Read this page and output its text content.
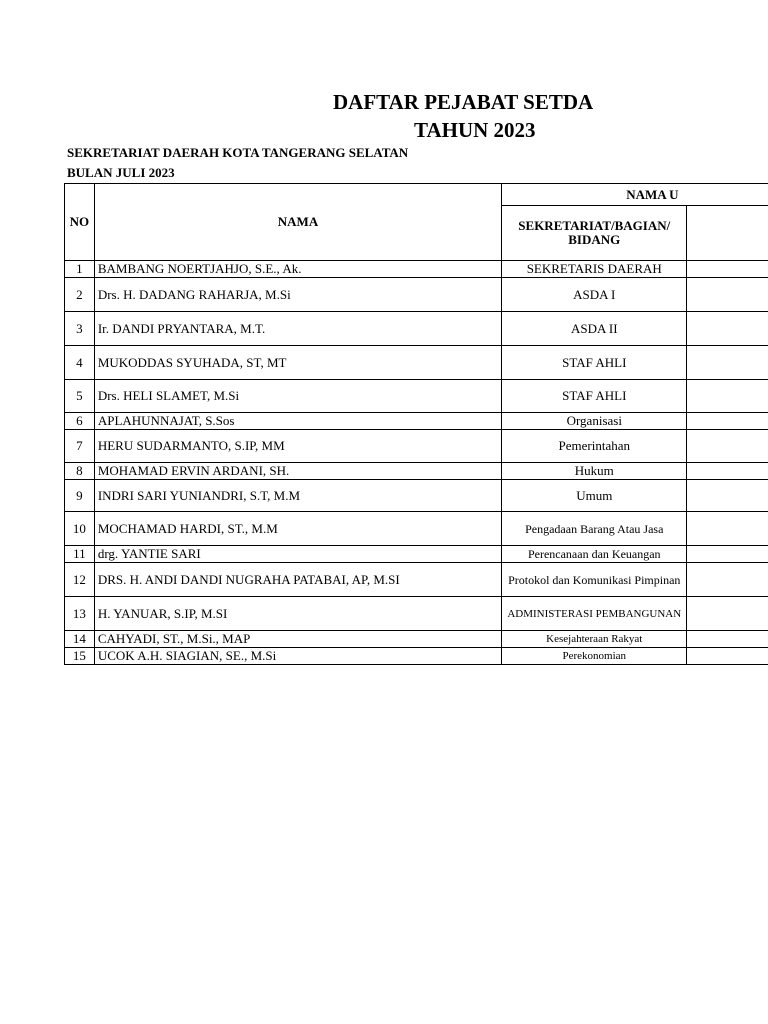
DAFTAR PEJABAT SETDA
TAHUN 2023
SEKRETARIAT DAERAH KOTA TANGERANG SELATAN
BULAN JULI 2023
NO	NAMA	NAMA U	
		SEKRETARIAT/BAGIAN/ BIDANG	
1	BAMBANG NOERTJAHJO, S.E., Ak.	SEKRETARIS DAERAH	
2	Drs. H. DADANG RAHARJA, M.Si	ASDA I	
3	Ir. DANDI PRYANTARA, M.T.	ASDA II	
4	MUKODDAS SYUHADA, ST, MT	STAF AHLI	
5	Drs. HELI SLAMET, M.Si	STAF AHLI	
6	APLAHUNNAJAT, S.Sos	Organisasi	
7	HERU SUDARMANTO, S.IP, MM	Pemerintahan	
8	MOHAMAD ERVIN ARDANI, SH.	Hukum	
9	INDRI SARI YUNIANDRI, S.T, M.M	Umum	
10	MOCHAMAD HARDI, ST., M.M	Pengadaan Barang Atau Jasa	
11	drg. YANTIE SARI	Perencanaan dan Keuangan	
12	DRS. H. ANDI DANDI NUGRAHA PATABAI, AP, M.SI	Protokol dan Komunikasi Pimpinan	
13	H. YANUAR, S.IP, M.SI	ADMINISTERASI PEMBANGUNAN	
14	CAHYADI, ST., M.Si., MAP	Kesejahteraan Rakyat	
15	UCOK A.H. SIAGIAN, SE., M.Si	Perekonomian	
